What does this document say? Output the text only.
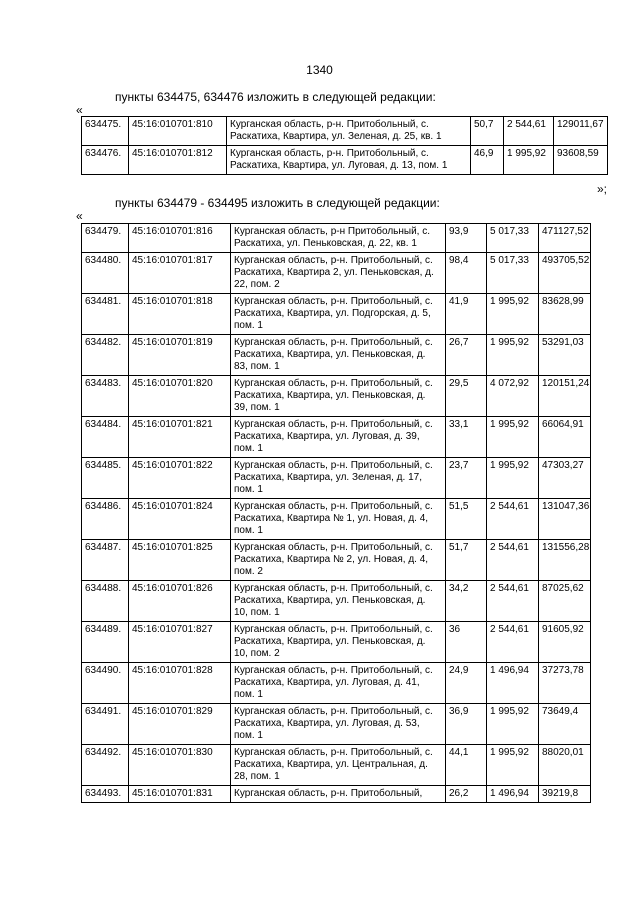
1340
пункты 634475, 634476 изложить в следующей редакции:
«
634475.	45:16:010701:810	Курганская область, р-н. Притобольный, с. Раскатиха, Квартира, ул. Зеленая, д. 25, кв. 1	50,7	2 544,61	129011,67
634476.	45:16:010701:812	Курганская область, р-н. Притобольный, с. Раскатиха, Квартира, ул. Луговая, д. 13, пом. 1	46,9	1 995,92	93608,59
»;
пункты 634479 - 634495 изложить в следующей редакции:
«
634479.	45:16:010701:816	Курганская область, р-н Притобольный, с. Раскатиха, ул. Пеньковская, д. 22, кв. 1	93,9	5 017,33	471127,52
634480.	45:16:010701:817	Курганская область, р-н. Притобольный, с. Раскатиха, Квартира 2, ул. Пеньковская, д. 22, пом. 2	98,4	5 017,33	493705,52
634481.	45:16:010701:818	Курганская область, р-н. Притобольный, с. Раскатиха, Квартира, ул. Подгорская, д. 5, пом. 1	41,9	1 995,92	83628,99
634482.	45:16:010701:819	Курганская область, р-н. Притобольный, с. Раскатиха, Квартира, ул. Пеньковская, д. 83, пом. 1	26,7	1 995,92	53291,03
634483.	45:16:010701:820	Курганская область, р-н. Притобольный, с. Раскатиха, Квартира, ул. Пеньковская, д. 39, пом. 1	29,5	4 072,92	120151,24
634484.	45:16:010701:821	Курганская область, р-н. Притобольный, с. Раскатиха, Квартира, ул. Луговая, д. 39, пом. 1	33,1	1 995,92	66064,91
634485.	45:16:010701:822	Курганская область, р-н. Притобольный, с. Раскатиха, Квартира, ул. Зеленая, д. 17, пом. 1	23,7	1 995,92	47303,27
634486.	45:16:010701:824	Курганская область, р-н. Притобольный, с. Раскатиха, Квартира № 1, ул. Новая, д. 4, пом. 1	51,5	2 544,61	131047,36
634487.	45:16:010701:825	Курганская область, р-н. Притобольный, с. Раскатиха, Квартира № 2, ул. Новая, д. 4, пом. 2	51,7	2 544,61	131556,28
634488.	45:16:010701:826	Курганская область, р-н. Притобольный, с. Раскатиха, Квартира, ул. Пеньковская, д. 10, пом. 1	34,2	2 544,61	87025,62
634489.	45:16:010701:827	Курганская область, р-н. Притобольный, с. Раскатиха, Квартира, ул. Пеньковская, д. 10, пом. 2	36	2 544,61	91605,92
634490.	45:16:010701:828	Курганская область, р-н. Притобольный, с. Раскатиха, Квартира, ул. Луговая, д. 41, пом. 1	24,9	1 496,94	37273,78
634491.	45:16:010701:829	Курганская область, р-н. Притобольный, с. Раскатиха, Квартира, ул. Луговая, д. 53, пом. 1	36,9	1 995,92	73649,4
634492.	45:16:010701:830	Курганская область, р-н. Притобольный, с. Раскатиха, Квартира, ул. Центральная, д. 28, пом. 1	44,1	1 995,92	88020,01
634493.	45:16:010701:831	Курганская область, р-н. Притобольный,	26,2	1 496,94	39219,8
